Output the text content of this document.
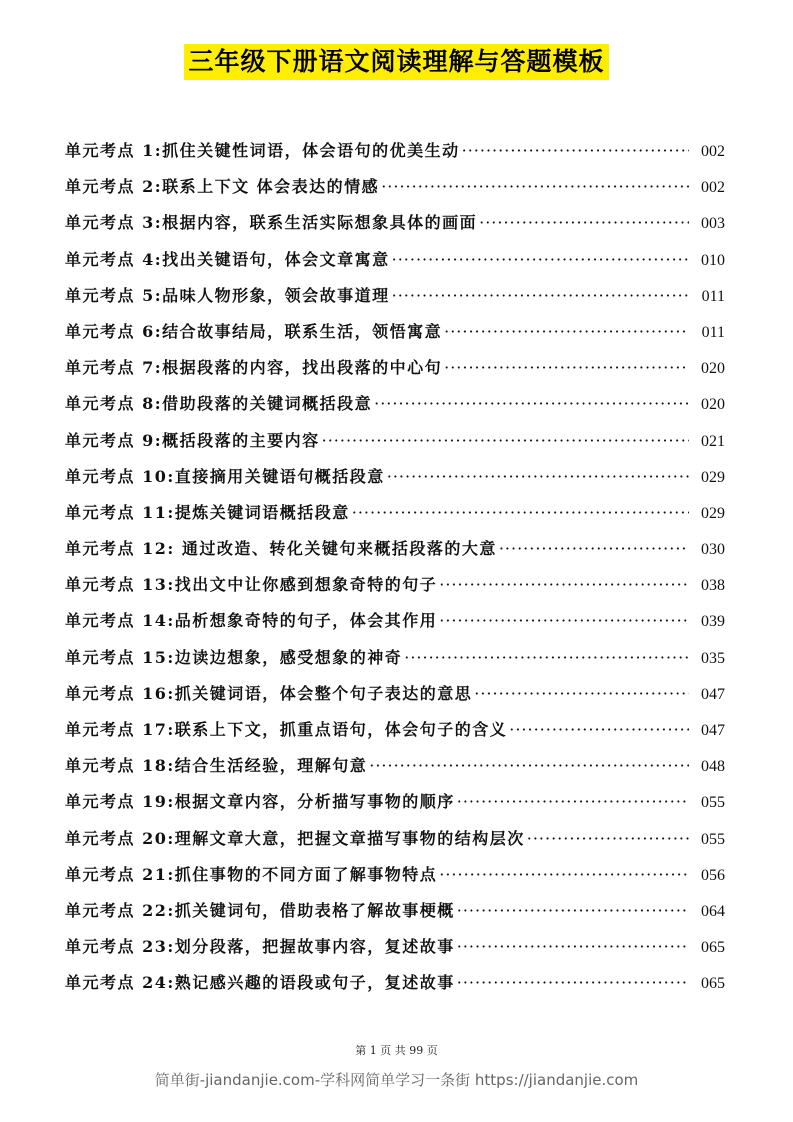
三年级下册语文阅读理解与答题模板
单元考点 1:抓住关键性词语，体会语句的优美生动 ·····	002
单元考点 2:联系上下文 体会表达的情感 ·····	002
单元考点 3:根据内容，联系生活实际想象具体的画面 ·····	003
单元考点 4:找出关键语句，体会文章寓意 ·····	010
单元考点 5:品味人物形象，领会故事道理 ·····	011
单元考点 6:结合故事结局，联系生活，领悟寓意 ·····	011
单元考点 7:根据段落的内容，找出段落的中心句 ·····	020
单元考点 8:借助段落的关键词概括段意 ·····	020
单元考点 9:概括段落的主要内容 ·····	021
单元考点 10:直接摘用关键语句概括段意 ·····	029
单元考点 11:提炼关键词语概括段意 ·····	029
单元考点 12: 通过改造、转化关键句来概括段落的大意 ·····	030
单元考点 13:找出文中让你感到想象奇特的句子 ·····	038
单元考点 14:品析想象奇特的句子，体会其作用 ·····	039
单元考点 15:边读边想象，感受想象的神奇 ·····	035
单元考点 16:抓关键词语，体会整个句子表达的意思 ·····	047
单元考点 17:联系上下文，抓重点语句，体会句子的含义 ·····	047
单元考点 18:结合生活经验，理解句意 ·····	048
单元考点 19:根据文章内容，分析描写事物的顺序 ·····	055
单元考点 20:理解文章大意，把握文章描写事物的结构层次 ·····	055
单元考点 21:抓住事物的不同方面了解事物特点 ·····	056
单元考点 22:抓关键词句，借助表格了解故事梗概 ·····	064
单元考点 23:划分段落，把握故事内容，复述故事 ·····	065
单元考点 24:熟记感兴趣的语段或句子，复述故事 ·····	065
第 1 页 共 99 页
简单街-jiandanjie.com-学科网简单学习一条街 https://jiandanjie.com
